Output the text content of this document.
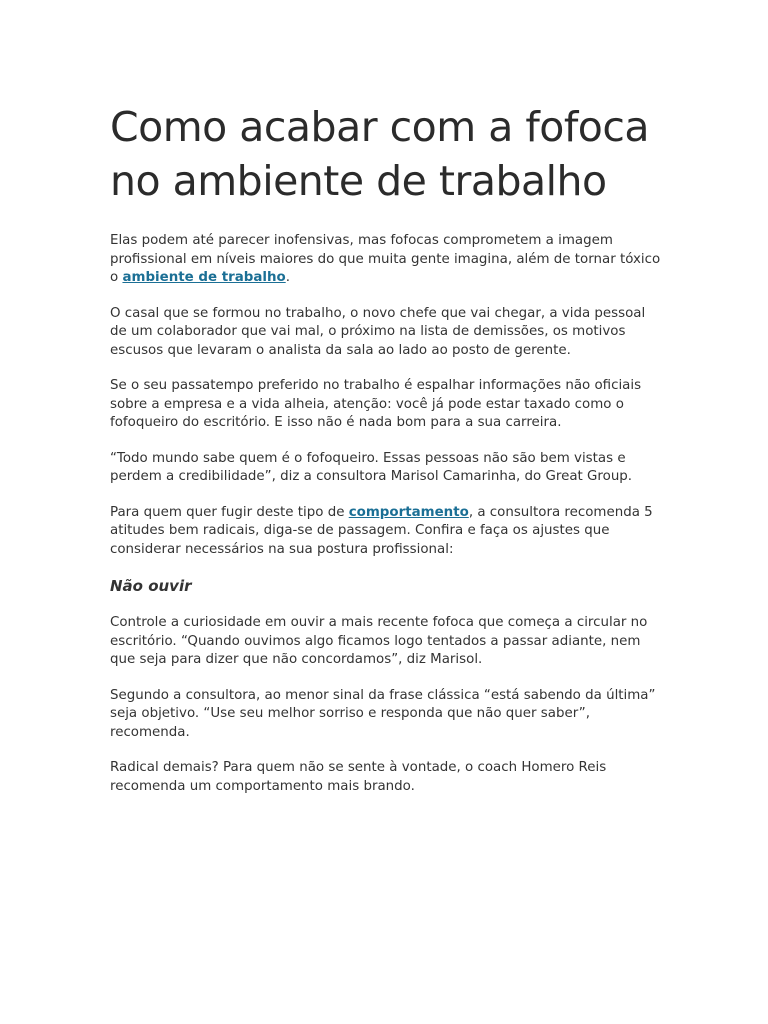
Como acabar com a fofoca no ambiente de trabalho

Elas podem até parecer inofensivas, mas fofocas comprometem a imagem profissional em níveis maiores do que muita gente imagina, além de tornar tóxico o ambiente de trabalho.

O casal que se formou no trabalho, o novo chefe que vai chegar, a vida pessoal de um colaborador que vai mal, o próximo na lista de demissões, os motivos escusos que levaram o analista da sala ao lado ao posto de gerente.

Se o seu passatempo preferido no trabalho é espalhar informações não oficiais sobre a empresa e a vida alheia, atenção: você já pode estar taxado como o fofoqueiro do escritório. E isso não é nada bom para a sua carreira.

“Todo mundo sabe quem é o fofoqueiro. Essas pessoas não são bem vistas e perdem a credibilidade”, diz a consultora Marisol Camarinha, do Great Group.

Para quem quer fugir deste tipo de comportamento, a consultora recomenda 5 atitudes bem radicais, diga-se de passagem. Confira e faça os ajustes que considerar necessários na sua postura profissional:

Não ouvir

Controle a curiosidade em ouvir a mais recente fofoca que começa a circular no escritório. “Quando ouvimos algo ficamos logo tentados a passar adiante, nem que seja para dizer que não concordamos”, diz Marisol.

Segundo a consultora, ao menor sinal da frase clássica “está sabendo da última” seja objetivo. “Use seu melhor sorriso e responda que não quer saber”, recomenda.

Radical demais? Para quem não se sente à vontade, o coach Homero Reis recomenda um comportamento mais brando.
